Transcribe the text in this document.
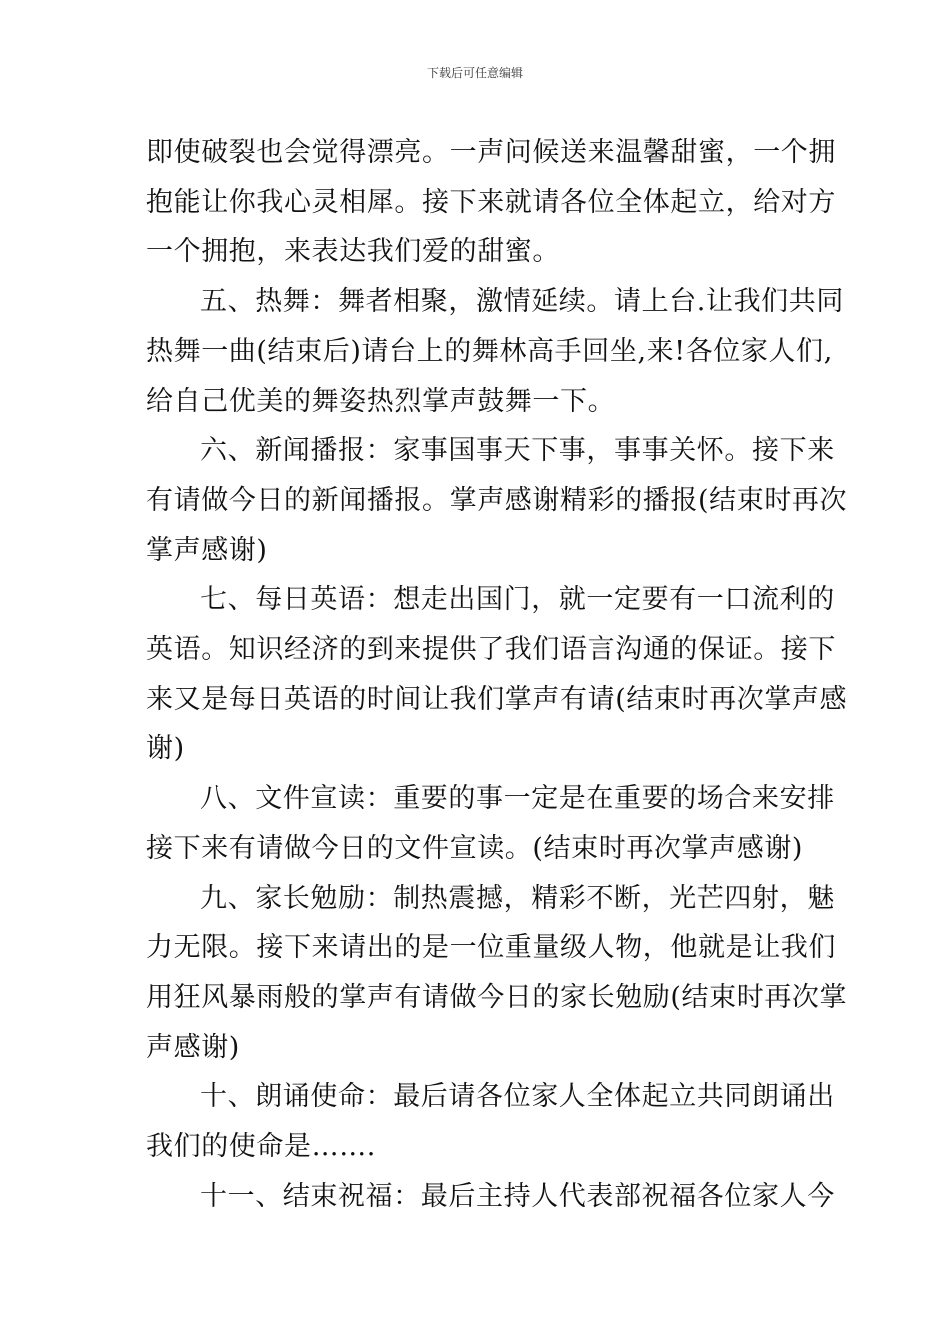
下载后可任意编辑

即使破裂也会觉得漂亮。一声问候送来温馨甜蜜，一个拥
抱能让你我心灵相犀。接下来就请各位全体起立，给对方
一个拥抱，来表达我们爱的甜蜜。

五、热舞：舞者相聚，激情延续。请上台.让我们共同
热舞一曲(结束后)请台上的舞林高手回坐,来!各位家人们,
给自己优美的舞姿热烈掌声鼓舞一下。

六、新闻播报：家事国事天下事，事事关怀。接下来
有请做今日的新闻播报。掌声感谢精彩的播报(结束时再次
掌声感谢)

七、每日英语：想走出国门，就一定要有一口流利的
英语。知识经济的到来提供了我们语言沟通的保证。接下
来又是每日英语的时间让我们掌声有请(结束时再次掌声感
谢)

八、文件宣读：重要的事一定是在重要的场合来安排
接下来有请做今日的文件宣读。(结束时再次掌声感谢)

九、家长勉励：制热震撼，精彩不断，光芒四射，魅
力无限。接下来请出的是一位重量级人物，他就是让我们
用狂风暴雨般的掌声有请做今日的家长勉励(结束时再次掌
声感谢)

十、朗诵使命：最后请各位家人全体起立共同朗诵出
我们的使命是…….

十一、结束祝福：最后主持人代表部祝福各位家人今
